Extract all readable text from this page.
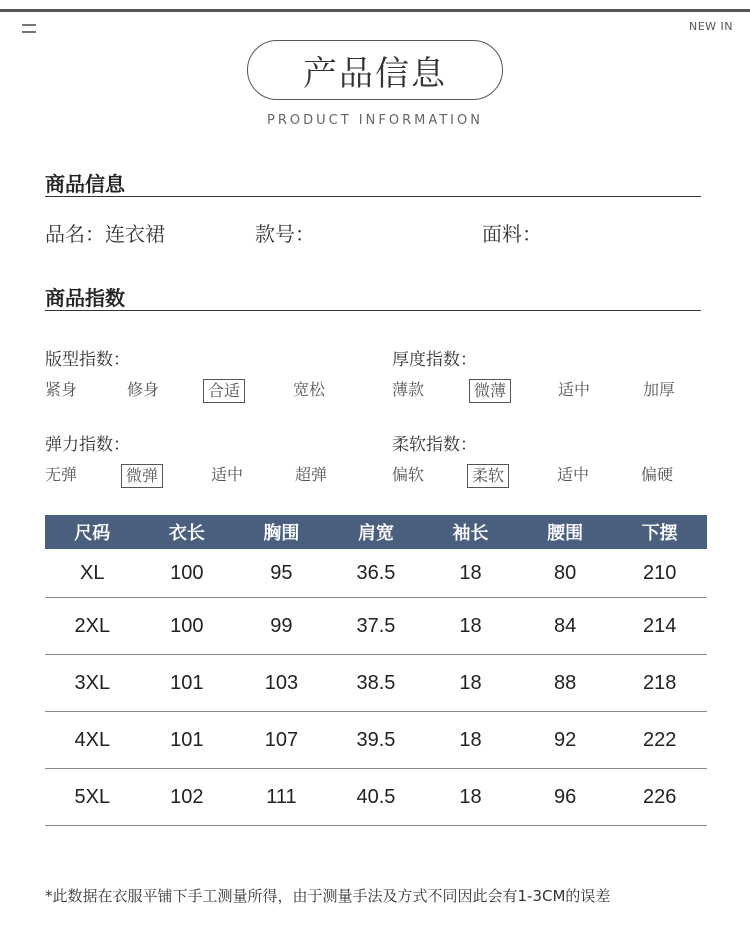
NEW IN
产品信息
PRODUCT INFORMATION
商品信息
品名：连衣裙	款号：	面料：
商品指数
版型指数：
紧身	修身	合适	宽松
厚度指数：
薄款	微薄	适中	加厚
弹力指数：
无弹	微弹	适中	超弹
柔软指数：
偏软	柔软	适中	偏硬
尺码	衣长	胸围	肩宽	袖长	腰围	下摆
XL	100	95	36.5	18	80	210
2XL	100	99	37.5	18	84	214
3XL	101	103	38.5	18	88	218
4XL	101	107	39.5	18	92	222
5XL	102	111	40.5	18	96	226
*此数据在衣服平铺下手工测量所得，由于测量手法及方式不同因此会有1-3CM的误差
